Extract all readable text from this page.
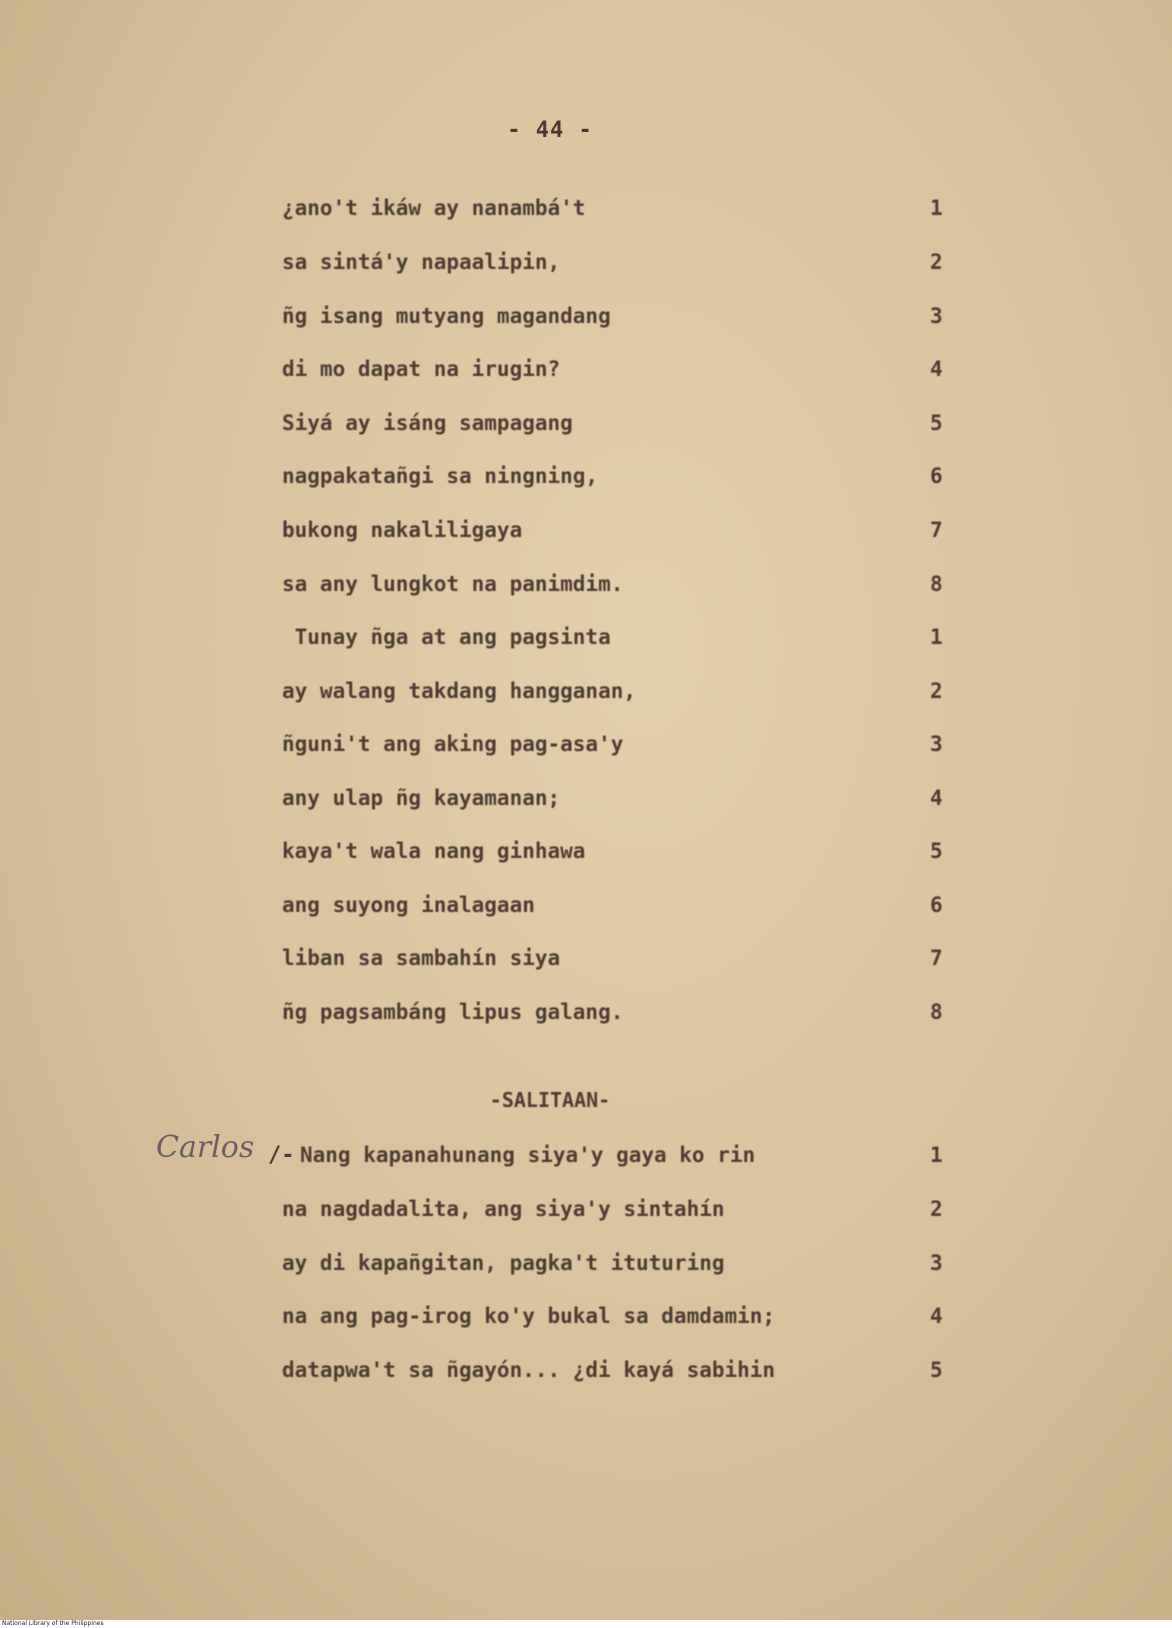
- 44 -
¿ano't ikáw ay nanambá't	1
sa sintá'y napaalipin,	2
ñg isang mutyang magandang	3
di mo dapat na irugin?	4
Siyá ay isáng sampagang	5
nagpakatañgi sa ningning,	6
bukong nakaliligaya	7
sa any lungkot na panimdim.	8
Tunay ñga at ang pagsinta	1
ay walang takdang hangganan,	2
ñguni't ang aking pag-asa'y	3
any ulap ñg kayamanan;	4
kaya't wala nang ginhawa	5
ang suyong inalagaan	6
liban sa sambahín siya	7
ñg pagsambáng lipus galang.	8
-SALITAAN-
Carlos /- Nang kapanahunang siya'y gaya ko rin	1
na nagdadalita, ang siya'y sintahín	2
ay di kapañgitan, pagka't ituturing	3
na ang pag-irog ko'y bukal sa damdamin;	4
datapwa't sa ñgayón... ¿di kayá sabihin	5
National Library of the Philippines
